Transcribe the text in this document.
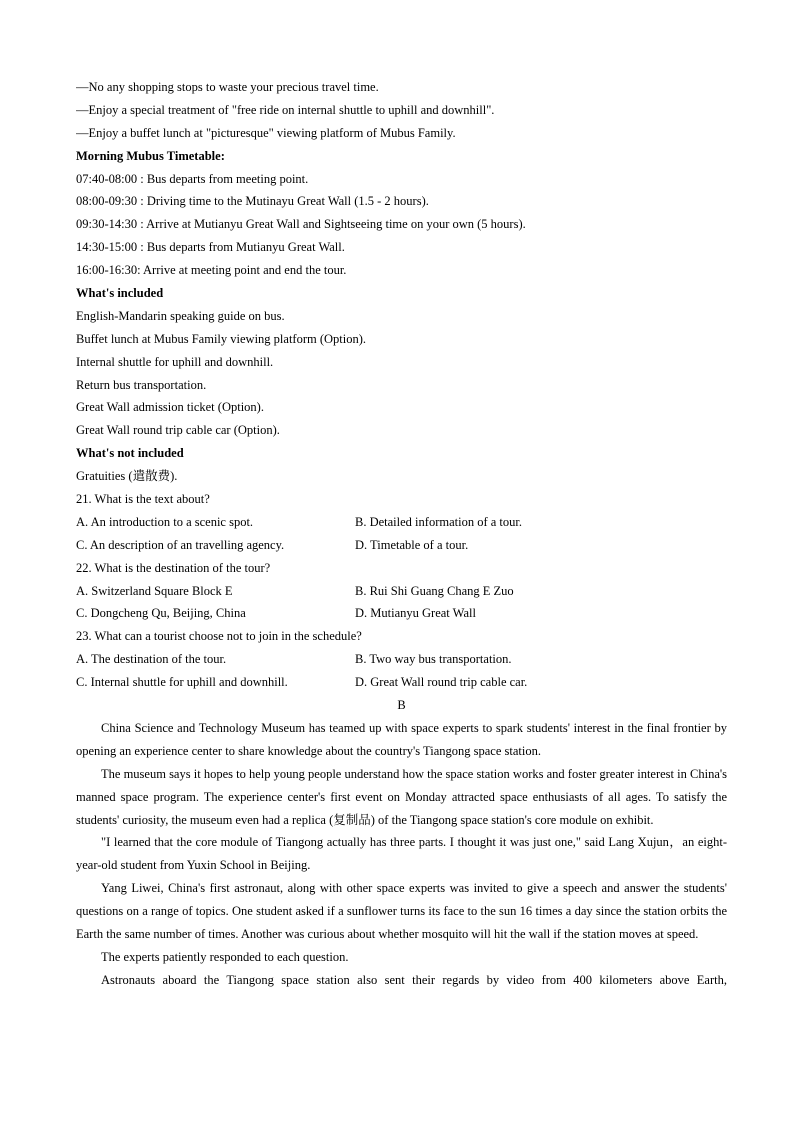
—No any shopping stops to waste your precious travel time.
—Enjoy a special treatment of "free ride on internal shuttle to uphill and downhill".
—Enjoy a buffet lunch at "picturesque" viewing platform of Mubus Family.
Morning Mubus Timetable:
07:40-08:00 : Bus departs from meeting point.
08:00-09:30 : Driving time to the Mutinayu Great Wall (1.5 - 2 hours).
09:30-14:30 : Arrive at Mutianyu Great Wall and Sightseeing time on your own (5 hours).
14:30-15:00 : Bus departs from Mutianyu Great Wall.
16:00-16:30: Arrive at meeting point and end the tour.
What's included
English-Mandarin speaking guide on bus.
Buffet lunch at Mubus Family viewing platform (Option).
Internal shuttle for uphill and downhill.
Return bus transportation.
Great Wall admission ticket (Option).
Great Wall round trip cable car (Option).
What's not included
Gratuities (遣散费).
21. What is the text about?
A. An introduction to a scenic spot.	B. Detailed information of a tour.
C. An description of an travelling agency.	D. Timetable of a tour.
22. What is the destination of the tour?
A. Switzerland Square Block E	B. Rui Shi Guang Chang E Zuo
C. Dongcheng Qu, Beijing, China	D. Mutianyu Great Wall
23. What can a tourist choose not to join in the schedule?
A. The destination of the tour.	B. Two way bus transportation.
C. Internal shuttle for uphill and downhill.	D. Great Wall round trip cable car.
B
China Science and Technology Museum has teamed up with space experts to spark students' interest in the final frontier by opening an experience center to share knowledge about the country's Tiangong space station.
The museum says it hopes to help young people understand how the space station works and foster greater interest in China's manned space program. The experience center's first event on Monday attracted space enthusiasts of all ages. To satisfy the students' curiosity, the museum even had a replica (复制品) of the Tiangong space station's core module on exhibit.
"I learned that the core module of Tiangong actually has three parts. I thought it was just one," said Lang Xujun，an eight-year-old student from Yuxin School in Beijing.
Yang Liwei, China's first astronaut, along with other space experts was invited to give a speech and answer the students' questions on a range of topics. One student asked if a sunflower turns its face to the sun 16 times a day since the station orbits the Earth the same number of times. Another was curious about whether mosquito will hit the wall if the station moves at speed.
The experts patiently responded to each question.
Astronauts aboard the Tiangong space station also sent their regards by video from 400 kilometers above Earth,
